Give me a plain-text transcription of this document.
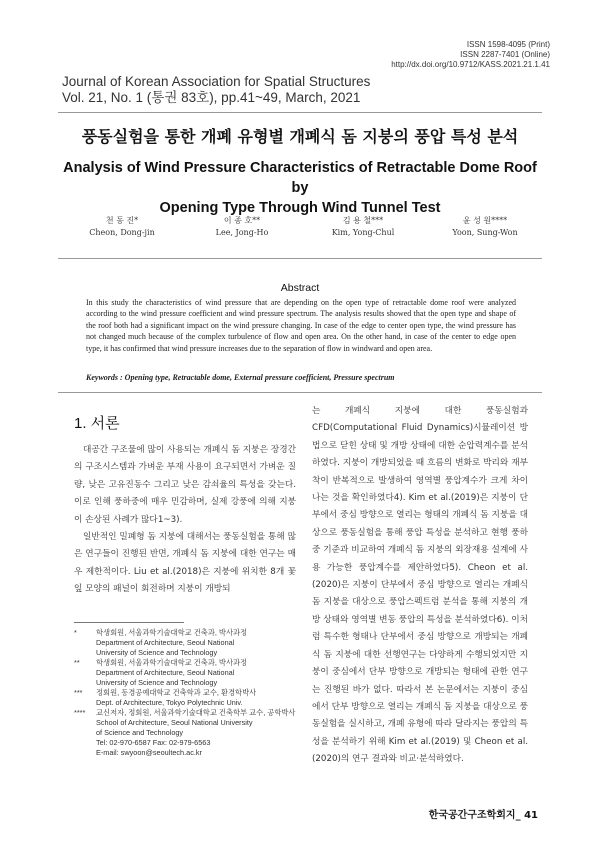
ISSN 1598-4095 (Print)
ISSN 2287-7401 (Online)
http://dx.doi.org/10.9712/KASS.2021.21.1.41
Journal of Korean Association for Spatial Structures
Vol. 21, No. 1 (통권 83호), pp.41~49, March, 2021
풍동실험을 통한 개폐 유형별 개폐식 돔 지붕의 풍압 특성 분석
Analysis of Wind Pressure Characteristics of Retractable Dome Roof by
Opening Type Through Wind Tunnel Test
천 동 진*
Cheon, Dong-jin
이 종 호**
Lee, Jong-Ho
김 용 철***
Kim, Yong-Chul
윤 성 원****
Yoon, Sung-Won
Abstract
In this study the characteristics of wind pressure that are depending on the open type of retractable dome roof were analyzed according to the wind pressure coefficient and wind pressure spectrum. The analysis results showed that the open type and shape of the roof both had a significant impact on the wind pressure changing. In case of the edge to center open type, the wind pressure has not changed much because of the complex turbulence of flow and open area. On the other hand, in case of the center to edge open type, it has confirmed that wind pressure increases due to the separation of flow in windward and open area.
Keywords : Opening type, Retractable dome, External pressure coefficient, Pressure spectrum
1. 서론

대공간 구조물에 많이 사용되는 개폐식 돔 지붕은 장경간의 구조시스템과 가벼운 부재 사용이 요구되면서 가벼운 질량, 낮은 고유진동수 그리고 낮은 감쇠율의 특성을 갖는다. 이로 인해 풍하중에 매우 민감하며, 실제 강풍에 의해 지붕이 손상된 사례가 많다1~3).

일반적인 밀폐형 돔 지붕에 대해서는 풍동실험을 통해 많은 연구들이 진행된 반면, 개폐식 돔 지붕에 대한 연구는 매우 제한적이다. Liu et al.(2018)은 지붕에 위치한 8개 꽃잎 모양의 패널이 회전하며 지붕이 개방되

는 개폐식 지붕에 대한 풍동실험과 CFD(Computational Fluid Dynamics)시뮬레이션 방법으로 닫힌 상태 및 개방 상태에 대한 순압력계수를 분석하였다. 지붕이 개방되었을 때 흐름의 변화로 박리와 재부착이 반복적으로 발생하여 영역별 풍압계수가 크게 차이나는 것을 확인하였다4). Kim et al.(2019)은 지붕이 단부에서 중심 방향으로 열리는 형태의 개폐식 돔 지붕을 대상으로 풍동실험을 통해 풍압 특성을 분석하고 현행 풍하중 기준과 비교하여 개폐식 돔 지붕의 외장재용 설계에 사용 가능한 풍압계수를 제안하였다5). Cheon et al.(2020)은 지붕이 단부에서 중심 방향으로 열리는 개폐식 돔 지붕을 대상으로 풍압스펙트럼 분석을 통해 지붕의 개방 상태와 영역별 변동 풍압의 특성을 분석하였다6). 이처럼 특수한 형태나 단부에서 중심 방향으로 개방되는 개폐식 돔 지붕에 대한 선행연구는 다양하게 수행되었지만 지붕이 중심에서 단부 방향으로 개방되는 형태에 관한 연구는 진행된 바가 없다. 따라서 본 논문에서는 지붕이 중심에서 단부 방향으로 열리는 개폐식 돔 지붕을 대상으로 풍동실험을 실시하고, 개폐 유형에 따라 달라지는 풍압의 특성을 분석하기 위해 Kim et al.(2019) 및 Cheon et al.(2020)의 연구 결과와 비교·분석하였다.

*	학생회원, 서울과학기술대학교 건축과, 박사과정
Department of Architecture, Seoul National
University of Science and Technology
**	학생회원, 서울과학기술대학교 건축과, 박사과정
Department of Architecture, Seoul National
University of Science and Technology
***	정회원, 동경공예대학교 건축학과 교수, 환경학박사
Dept. of Architecture, Tokyo Polytechnic Univ.
****	교신저자, 정회원, 서울과학기술대학교 건축학부 교수, 공학박사
School of Architecture, Seoul National University
of Science and Technology
Tel: 02-970-6587 Fax: 02-979-6563
E-mail: swyoon@seoultech.ac.kr
한국공간구조학회지_ 41
